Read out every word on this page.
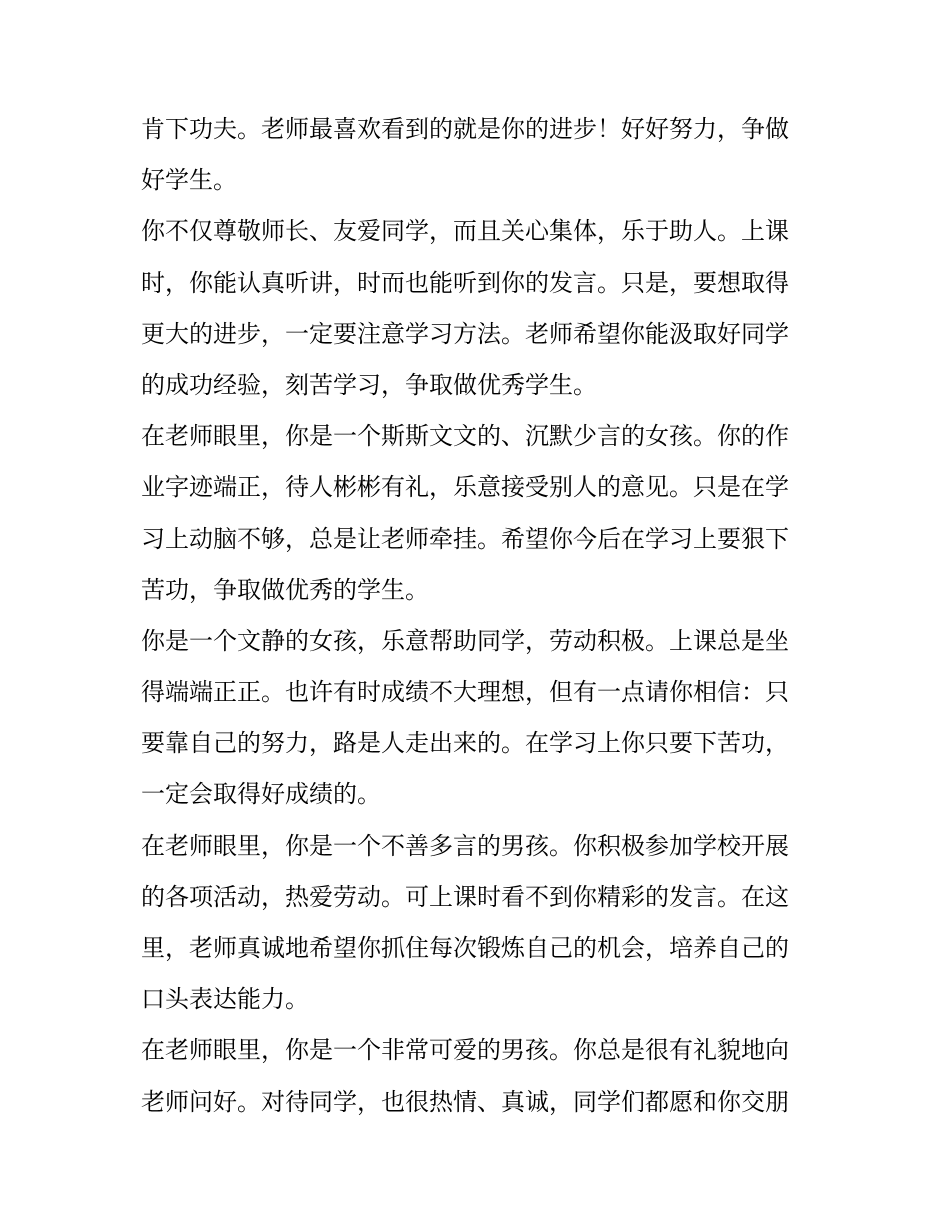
肯下功夫。老师最喜欢看到的就是你的进步！好好努力，争做
好学生。
你不仅尊敬师长、友爱同学，而且关心集体，乐于助人。上课
时，你能认真听讲，时而也能听到你的发言。只是，要想取得
更大的进步，一定要注意学习方法。老师希望你能汲取好同学
的成功经验，刻苦学习，争取做优秀学生。
在老师眼里，你是一个斯斯文文的、沉默少言的女孩。你的作
业字迹端正，待人彬彬有礼，乐意接受别人的意见。只是在学
习上动脑不够，总是让老师牵挂。希望你今后在学习上要狠下
苦功，争取做优秀的学生。
你是一个文静的女孩，乐意帮助同学，劳动积极。上课总是坐
得端端正正。也许有时成绩不大理想，但有一点请你相信：只
要靠自己的努力，路是人走出来的。在学习上你只要下苦功，
一定会取得好成绩的。
在老师眼里，你是一个不善多言的男孩。你积极参加学校开展
的各项活动，热爱劳动。可上课时看不到你精彩的发言。在这
里，老师真诚地希望你抓住每次锻炼自己的机会，培养自己的
口头表达能力。
在老师眼里，你是一个非常可爱的男孩。你总是很有礼貌地向
老师问好。对待同学，也很热情、真诚，同学们都愿和你交朋
